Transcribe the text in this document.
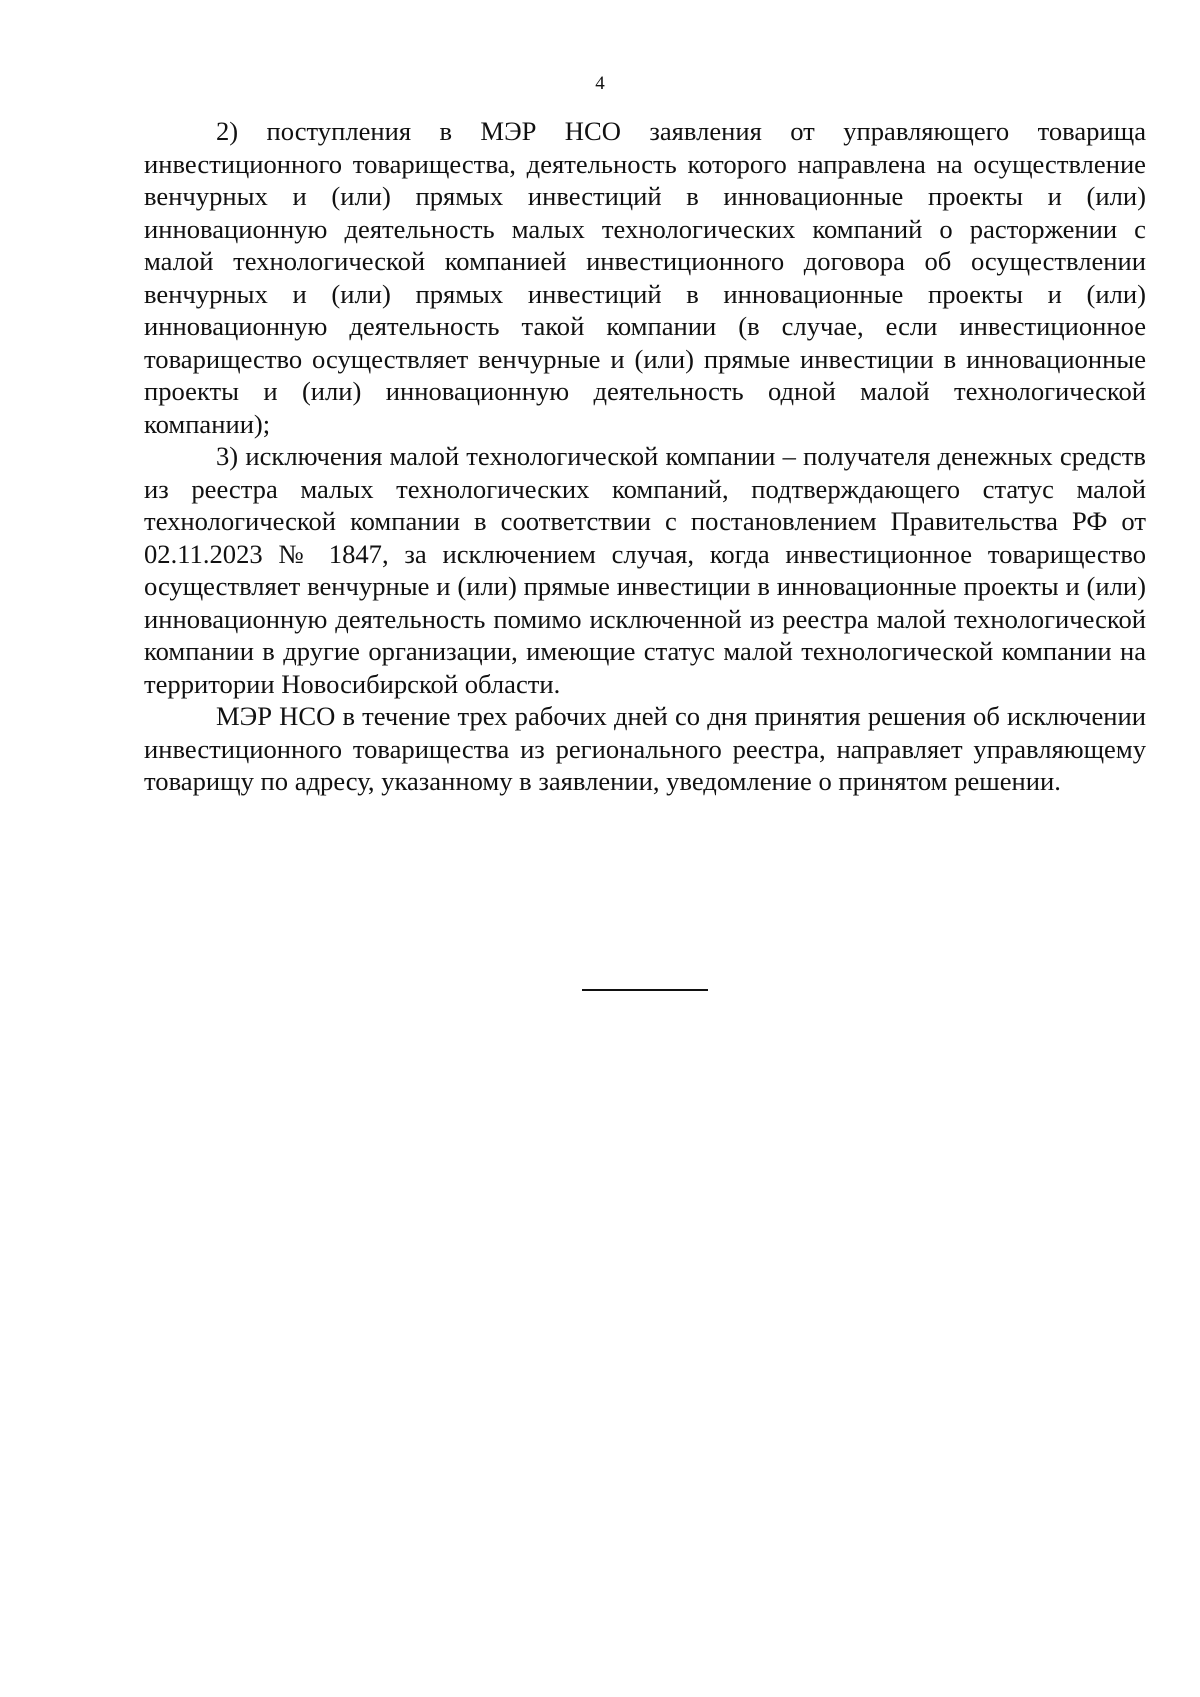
4

2) поступления в МЭР НСО заявления от управляющего товарища инвестиционного товарищества, деятельность которого направлена на осуществление венчурных и (или) прямых инвестиций в инновационные проекты и (или) инновационную деятельность малых технологических компаний о расторжении с малой технологической компанией инвестиционного договора об осуществлении венчурных и (или) прямых инвестиций в инновационные проекты и (или) инновационную деятельность такой компании (в случае, если инвестиционное товарищество осуществляет венчурные и (или) прямые инвестиции в инновационные проекты и (или) инновационную деятельность одной малой технологической компании);

3) исключения малой технологической компании – получателя денежных средств из реестра малых технологических компаний, подтверждающего статус малой технологической компании в соответствии с постановлением Правительства РФ от 02.11.2023 № 1847, за исключением случая, когда инвестиционное товарищество осуществляет венчурные и (или) прямые инвестиции в инновационные проекты и (или) инновационную деятельность помимо исключенной из реестра малой технологической компании в другие организации, имеющие статус малой технологической компании на территории Новосибирской области.

МЭР НСО в течение трех рабочих дней со дня принятия решения об исключении инвестиционного товарищества из регионального реестра, направляет управляющему товарищу по адресу, указанному в заявлении, уведомление о принятом решении.
